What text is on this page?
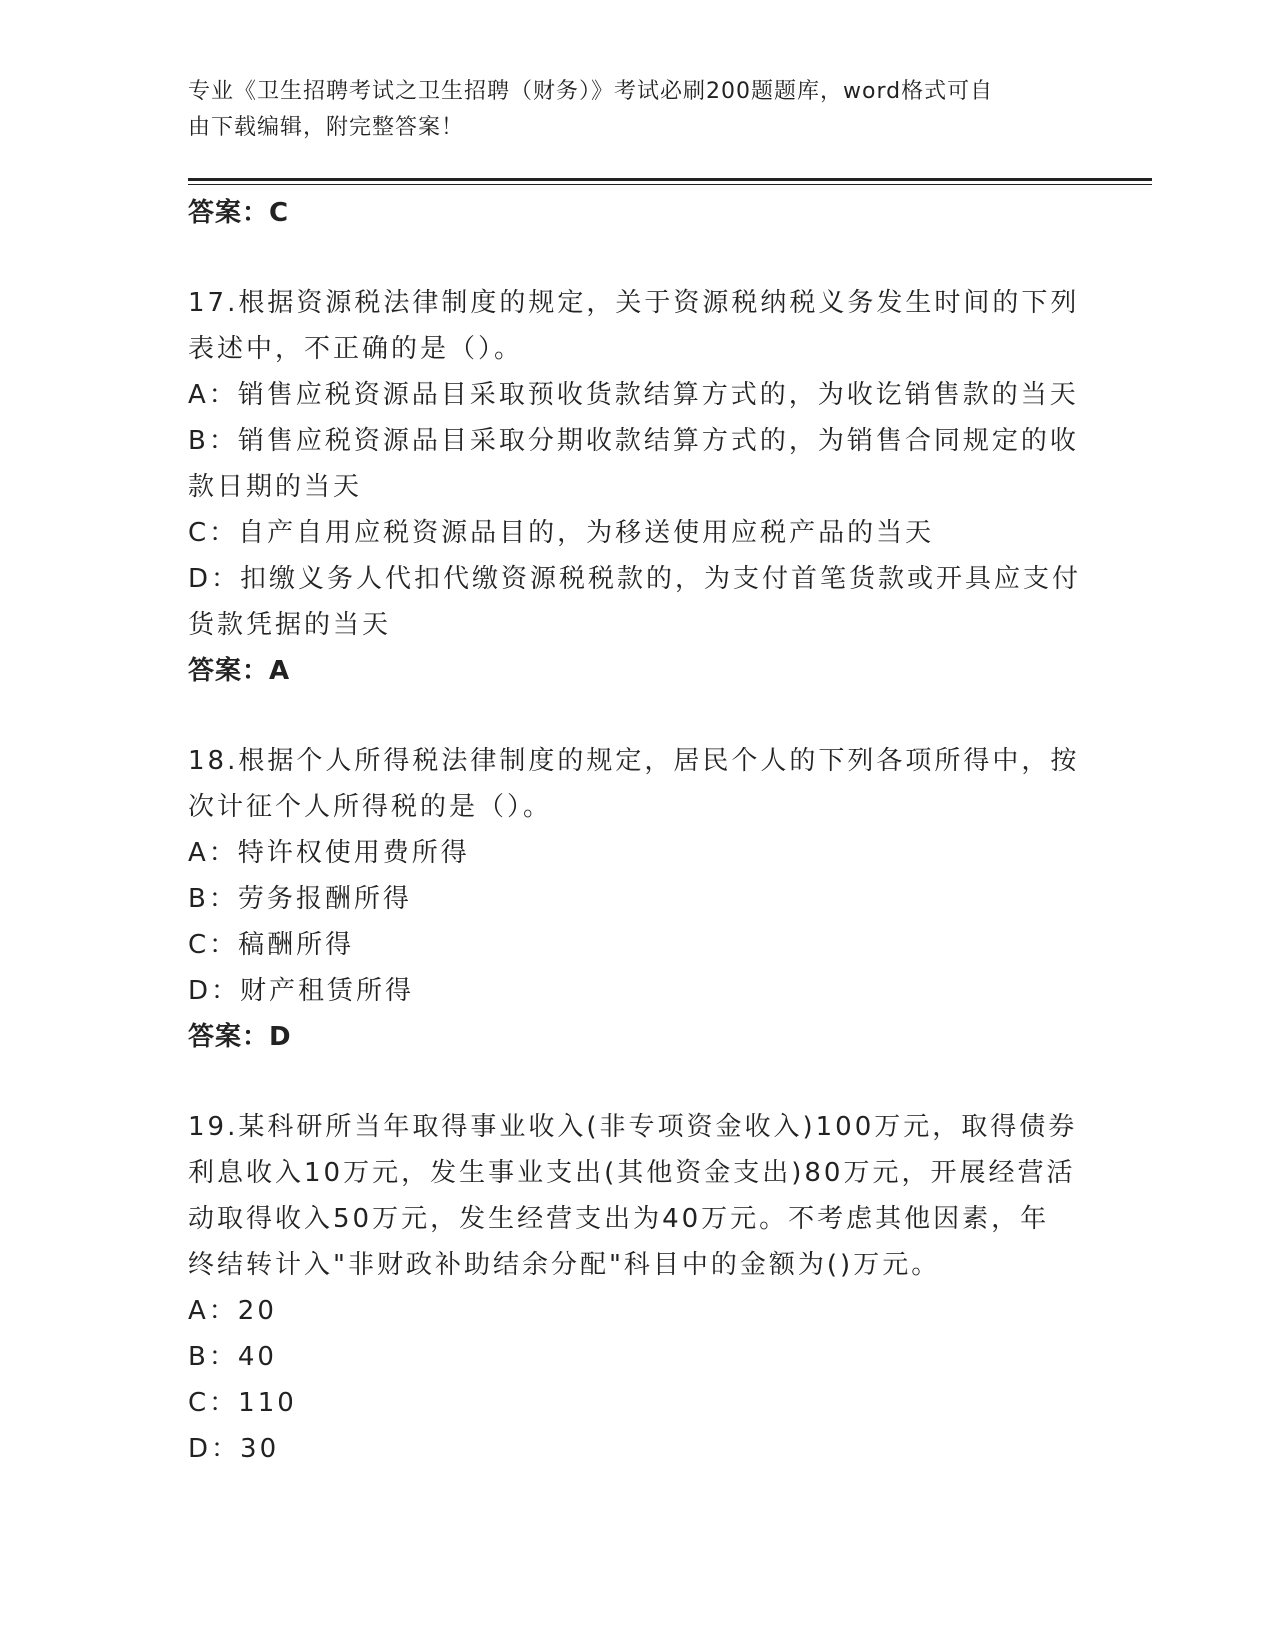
专业《卫生招聘考试之卫生招聘（财务）》考试必刷200题题库，word格式可自
由下载编辑，附完整答案！
答案：C
17.根据资源税法律制度的规定，关于资源税纳税义务发生时间的下列
表述中，不正确的是（）。
A：销售应税资源品目采取预收货款结算方式的，为收讫销售款的当天
B：销售应税资源品目采取分期收款结算方式的，为销售合同规定的收
款日期的当天
C：自产自用应税资源品目的，为移送使用应税产品的当天
D：扣缴义务人代扣代缴资源税税款的，为支付首笔货款或开具应支付
货款凭据的当天
答案：A
18.根据个人所得税法律制度的规定，居民个人的下列各项所得中，按
次计征个人所得税的是（）。
A：特许权使用费所得
B：劳务报酬所得
C：稿酬所得
D：财产租赁所得
答案：D
19.某科研所当年取得事业收入(非专项资金收入)100万元，取得债券
利息收入10万元，发生事业支出(其他资金支出)80万元，开展经营活
动取得收入50万元，发生经营支出为40万元。不考虑其他因素，年
终结转计入"非财政补助结余分配"科目中的金额为()万元。
A：20
B：40
C：110
D：30
